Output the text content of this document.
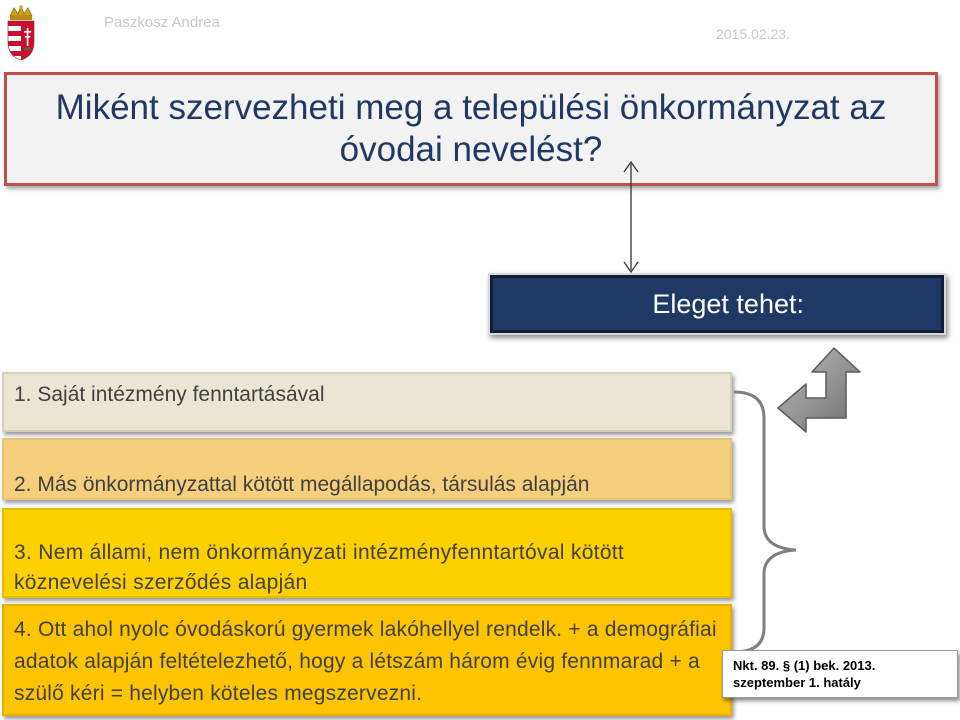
Paszkosz Andrea
2015.02.23.
Miként szervezheti meg a települési önkormányzat az óvodai nevelést?
Eleget tehet:
1. Saját intézmény fenntartásával
2. Más önkormányzattal kötött megállapodás, társulás alapján
3. Nem állami, nem önkormányzati intézményfenntartóval kötött köznevelési szerződés alapján
4. Ott ahol nyolc óvodáskorú gyermek lakóhellyel rendelk. + a demográfiai adatok alapján feltételezhető, hogy a létszám három évig fennmarad + a szülő kéri = helyben köteles megszervezni.
Nkt. 89. § (1) bek. 2013.
szeptember 1. hatály
